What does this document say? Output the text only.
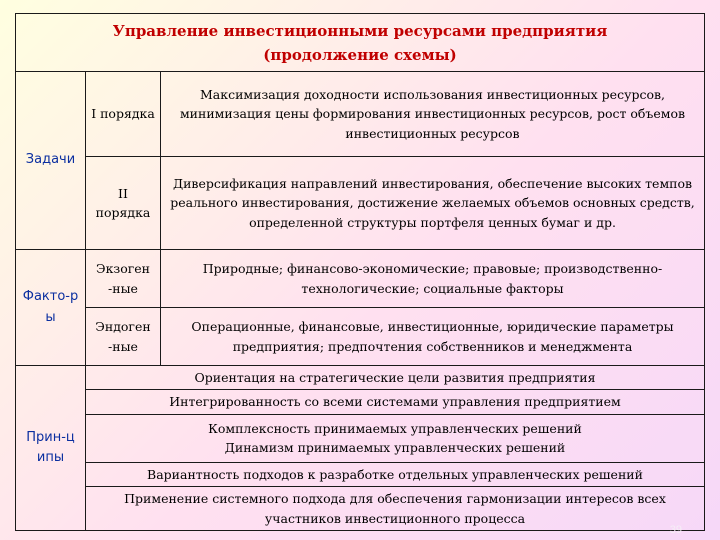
Управление инвестиционными ресурсами предприятия
(продолжение схемы)		

Задачи	I порядка	Максимизация доходности использования инвестиционных ресурсов, минимизация цены формирования инвестиционных ресурсов, рост объемов инвестиционных ресурсов
	II порядка	Диверсификация направлений инвестирования, обеспечение высоких темпов реального инвестирования, достижение желаемых объемов основных средств, определенной структуры портфеля ценных бумаг и др.
Факто-р ы	Экзоген -ные	Природные; финансово-экономические; правовые; производственно-технологические; социальные факторы
	Эндоген -ные	Операционные, финансовые, инвестиционные, юридические параметры предприятия; предпочтения собственников и менеджмента
Прин-ц ипы	Ориентация на стратегические цели развития предприятия	
	Интегрированность со всеми системами управления предприятием	

	Комплексность принимаемых управленческих решений
Динамизм принимаемых управленческих решений	

	Вариантность подходов к разработке отдельных управленческих решений	
	Применение системного подхода для обеспечения гармонизации интересов всех участников инвестиционного процесса	
39
